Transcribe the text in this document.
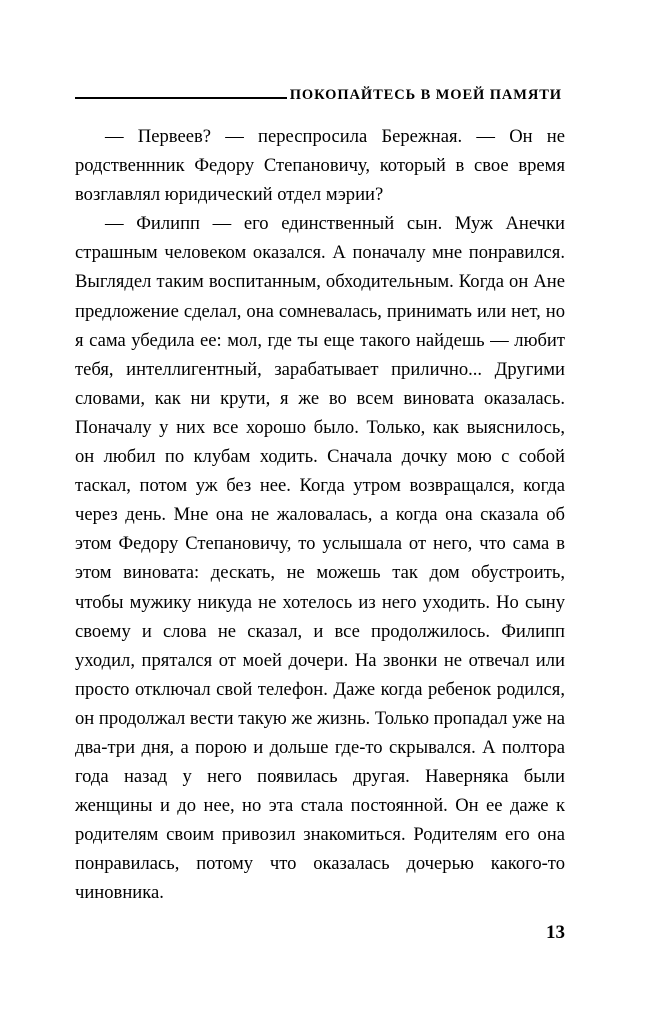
ПОКОПАЙТЕСЬ В МОЕЙ ПАМЯТИ

— Первеев? — переспросила Бережная. — Он не родственнник Федору Степановичу, который в свое время возглавлял юридический отдел мэрии?

— Филипп — его единственный сын. Муж Анечки страшным человеком оказался. А поначалу мне понравился. Выглядел таким воспитанным, обходительным. Когда он Ане предложение сделал, она сомневалась, принимать или нет, но я сама убедила ее: мол, где ты еще такого найдешь — любит тебя, интеллигентный, зарабатывает прилично... Другими словами, как ни крути, я же во всем виновата оказалась. Поначалу у них все хорошо было. Только, как выяснилось, он любил по клубам ходить. Сначала дочку мою с собой таскал, потом уж без нее. Когда утром возвращался, когда через день. Мне она не жаловалась, а когда она сказала об этом Федору Степановичу, то услышала от него, что сама в этом виновата: дескать, не можешь так дом обустроить, чтобы мужику никуда не хотелось из него уходить. Но сыну своему и слова не сказал, и все продолжилось. Филипп уходил, прятался от моей дочери. На звонки не отвечал или просто отключал свой телефон. Даже когда ребенок родился, он продолжал вести такую же жизнь. Только пропадал уже на два-три дня, а порою и дольше где-то скрывался. А полтора года назад у него появилась другая. Наверняка были женщины и до нее, но эта стала постоянной. Он ее даже к родителям своим привозил знакомиться. Родителям его она понравилась, потому что оказалась дочерью какого-то чиновника.

13
